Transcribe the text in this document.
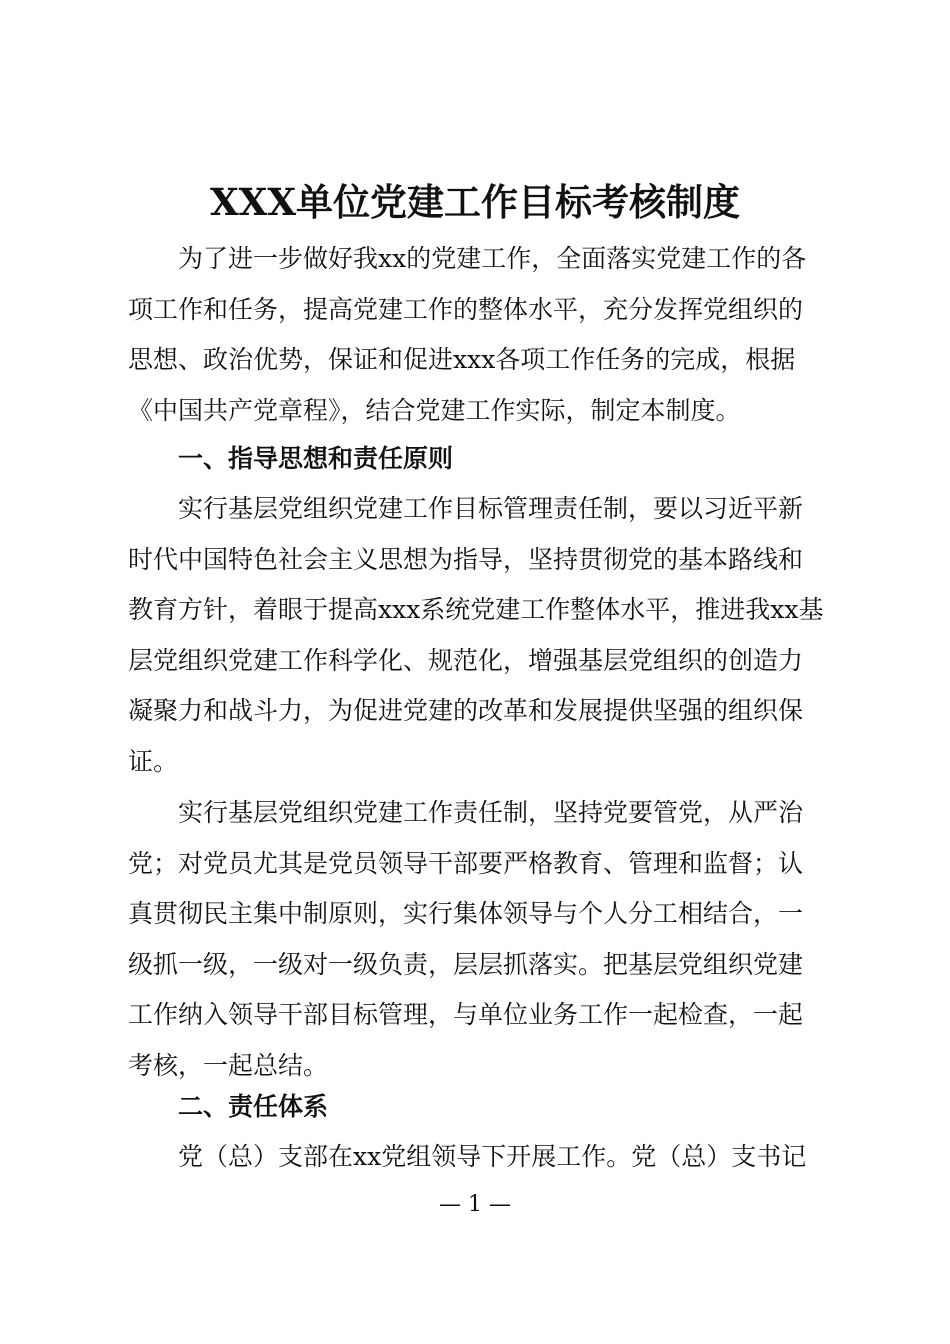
XXX单位党建工作目标考核制度
为了进一步做好我xx的党建工作，全面落实党建工作的各
项工作和任务，提高党建工作的整体水平，充分发挥党组织的
思想、政治优势，保证和促进xxx各项工作任务的完成，根据
《中国共产党章程》，结合党建工作实际，制定本制度。
一、指导思想和责任原则
实行基层党组织党建工作目标管理责任制，要以习近平新
时代中国特色社会主义思想为指导，坚持贯彻党的基本路线和
教育方针，着眼于提高xxx系统党建工作整体水平，推进我xx基
层党组织党建工作科学化、规范化，增强基层党组织的创造力
凝聚力和战斗力，为促进党建的改革和发展提供坚强的组织保
证。
实行基层党组织党建工作责任制，坚持党要管党，从严治
党；对党员尤其是党员领导干部要严格教育、管理和监督；认
真贯彻民主集中制原则，实行集体领导与个人分工相结合，一
级抓一级，一级对一级负责，层层抓落实。把基层党组织党建
工作纳入领导干部目标管理，与单位业务工作一起检查，一起
考核，一起总结。
二、责任体系
党（总）支部在xx党组领导下开展工作。党（总）支书记
— 1 —
